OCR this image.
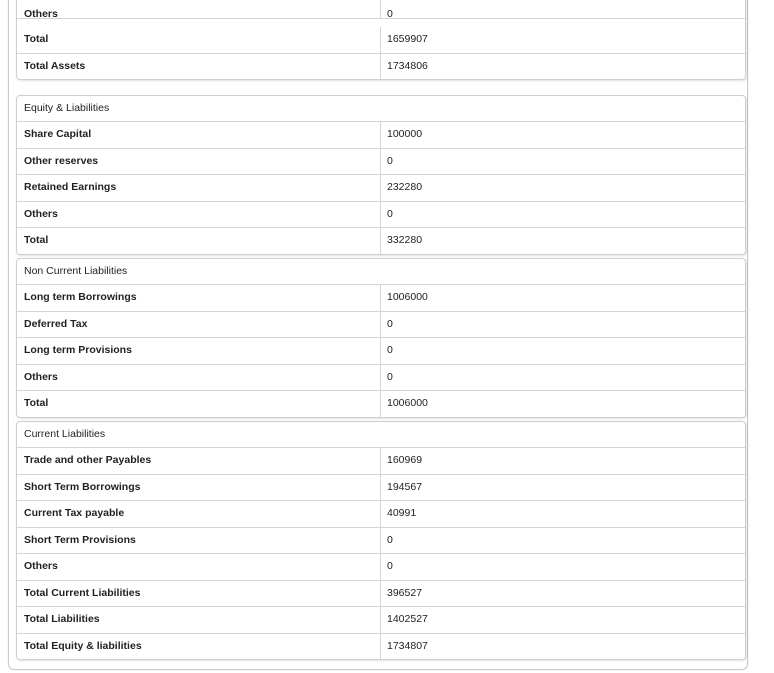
Others	0
Total	1659907
Total Assets	1734806
Equity & Liabilities
Share Capital	100000
Other reserves	0
Retained Earnings	232280
Others	0
Total	332280
Non Current Liabilities
Long term Borrowings	1006000
Deferred Tax	0
Long term Provisions	0
Others	0
Total	1006000
Current Liabilities
Trade and other Payables	160969
Short Term Borrowings	194567
Current Tax payable	40991
Short Term Provisions	0
Others	0
Total Current Liabilities	396527
Total Liabilities	1402527
Total Equity & liabilities	1734807
